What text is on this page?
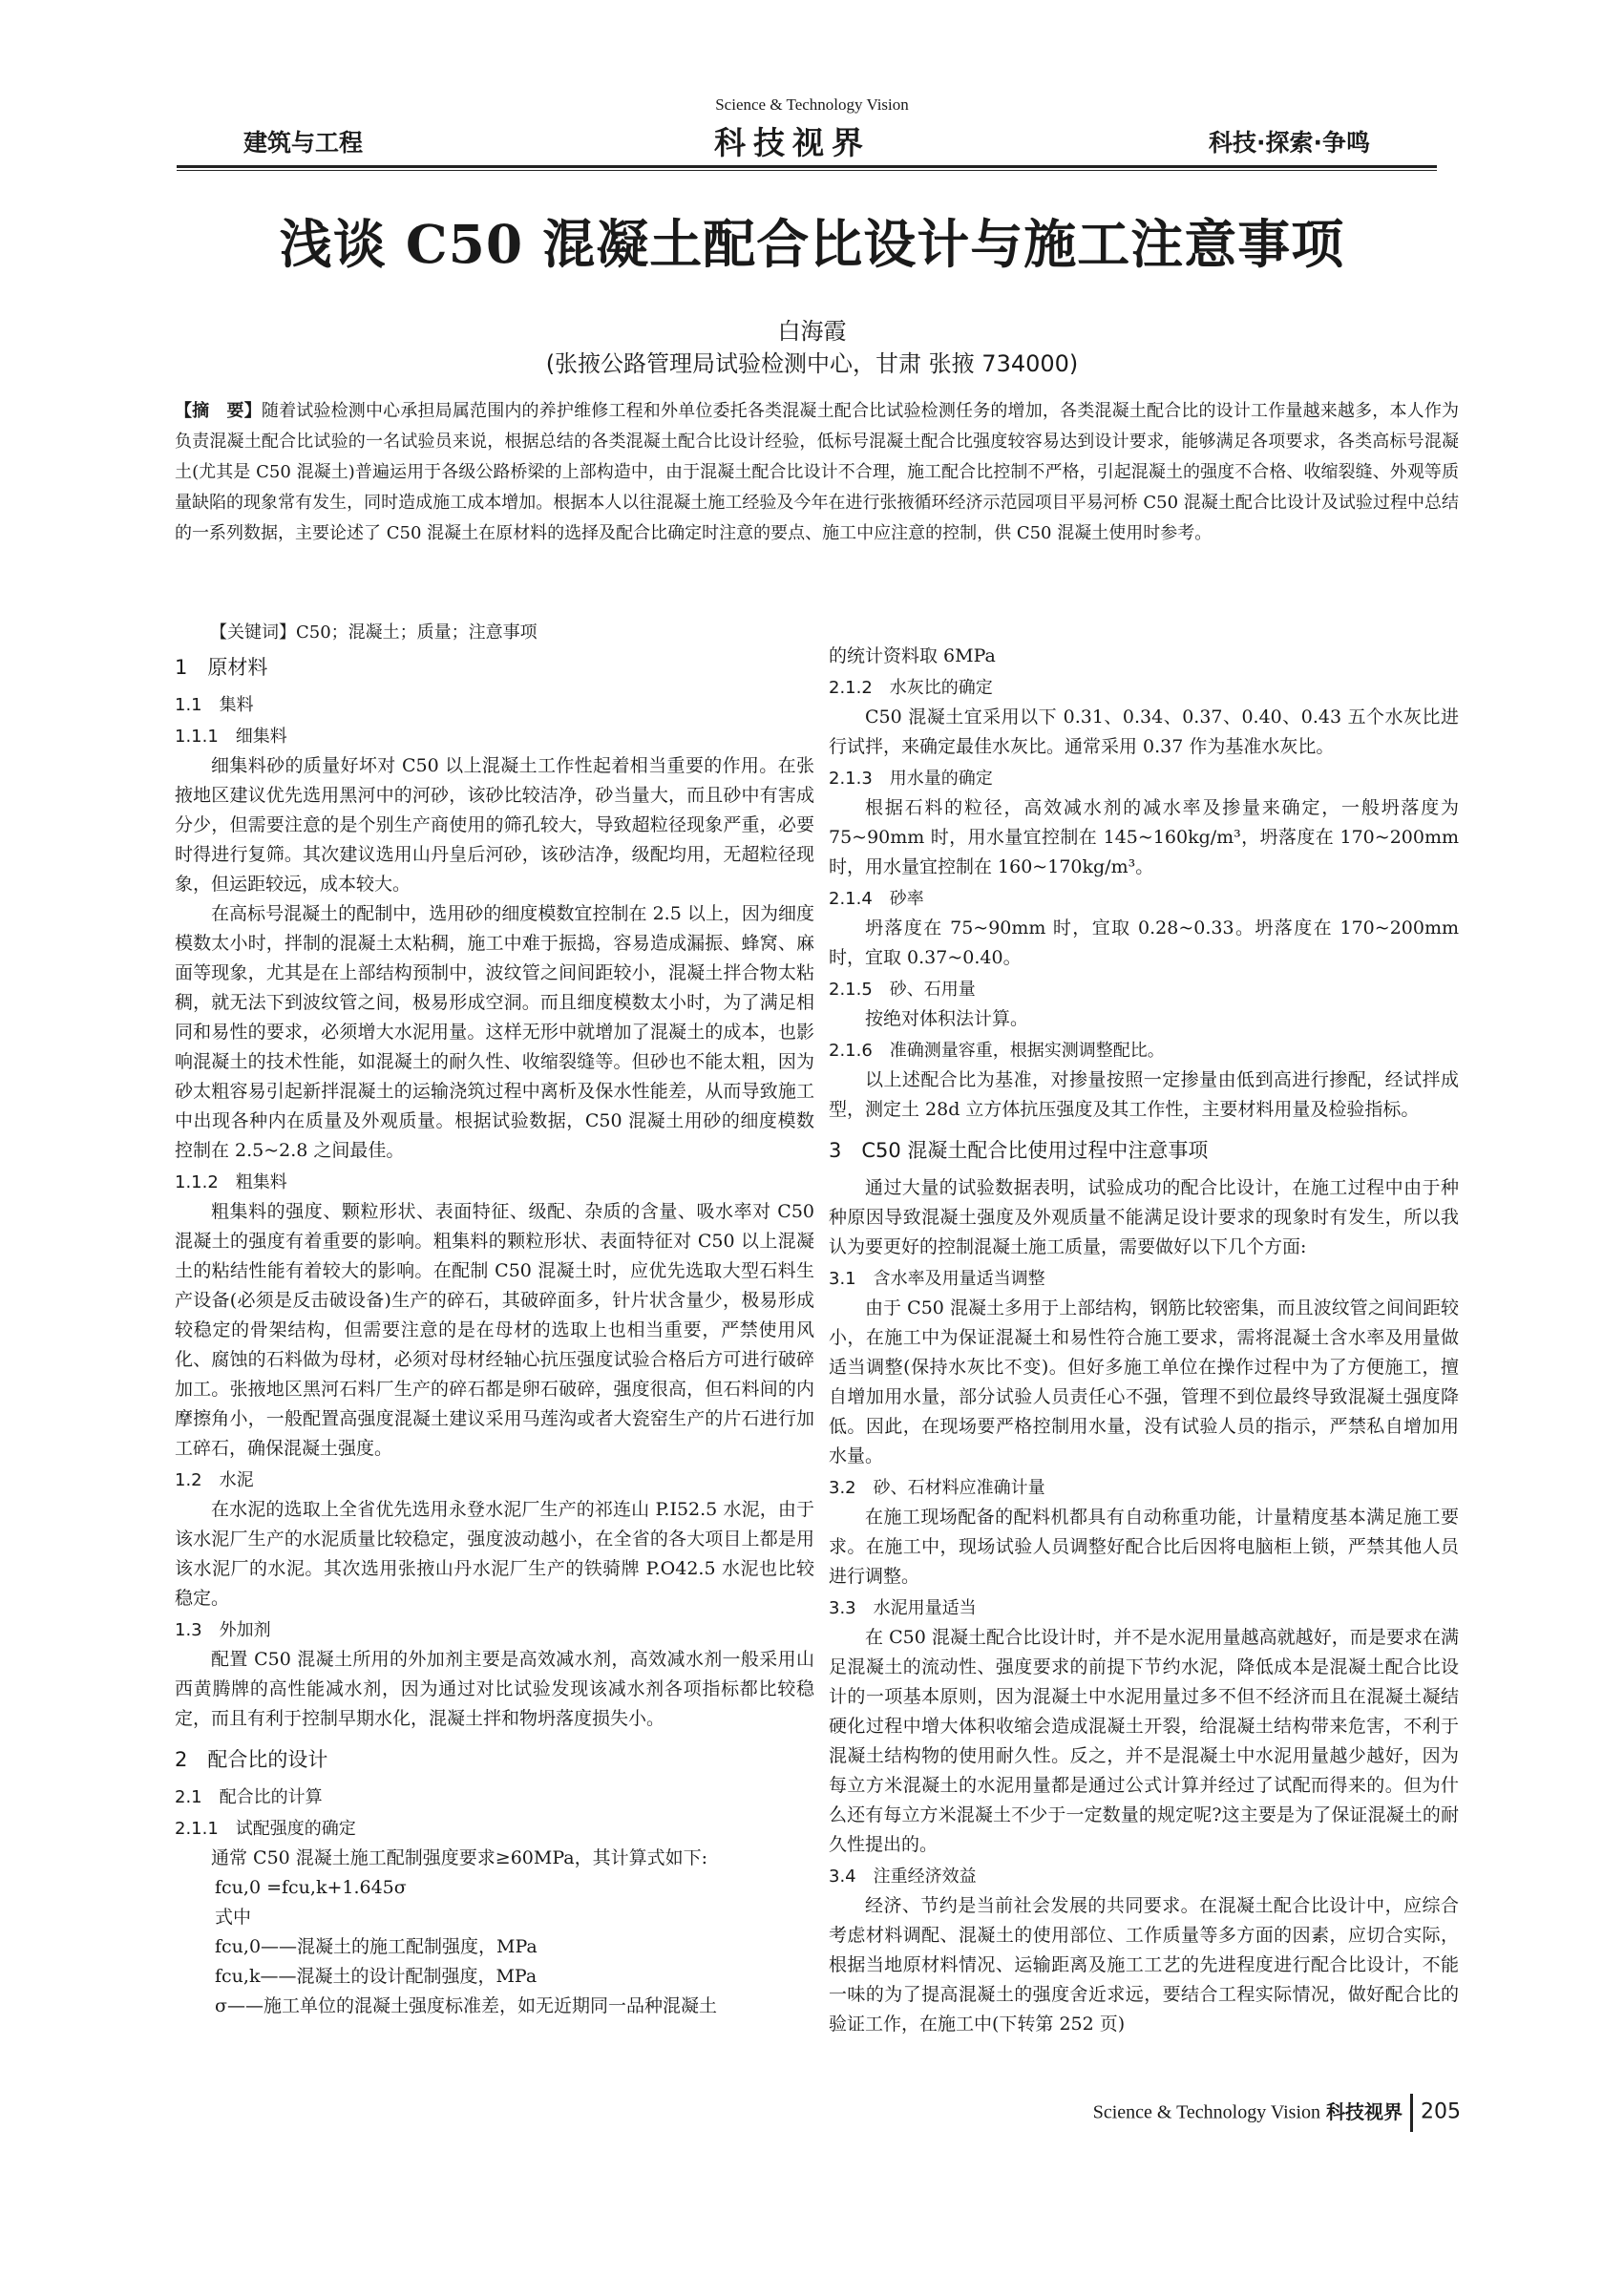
Science & Technology Vision
建筑与工程	科技视界	科技·探索·争鸣
浅谈 C50 混凝土配合比设计与施工注意事项
白海霞
(张掖公路管理局试验检测中心，甘肃 张掖 734000)
【摘　要】随着试验检测中心承担局属范围内的养护维修工程和外单位委托各类混凝土配合比试验检测任务的增加，各类混凝土配合比的设计工作量越来越多，本人作为负责混凝土配合比试验的一名试验员来说，根据总结的各类混凝土配合比设计经验，低标号混凝土配合比强度较容易达到设计要求，能够满足各项要求，各类高标号混凝土(尤其是 C50 混凝土)普遍运用于各级公路桥梁的上部构造中，由于混凝土配合比设计不合理，施工配合比控制不严格，引起混凝土的强度不合格、收缩裂缝、外观等质量缺陷的现象常有发生，同时造成施工成本增加。根据本人以往混凝土施工经验及今年在进行张掖循环经济示范园项目平易河桥 C50 混凝土配合比设计及试验过程中总结的一系列数据，主要论述了 C50 混凝土在原材料的选择及配合比确定时注意的要点、施工中应注意的控制，供 C50 混凝土使用时参考。
【关键词】C50；混凝土；质量；注意事项
1　原材料
1.1　集料
1.1.1　细集料

细集料砂的质量好坏对 C50 以上混凝土工作性起着相当重要的作用。在张掖地区建议优先选用黑河中的河砂，该砂比较洁净，砂当量大，而且砂中有害成分少，但需要注意的是个别生产商使用的筛孔较大，导致超粒径现象严重，必要时得进行复筛。其次建议选用山丹皇后河砂，该砂洁净，级配均用，无超粒径现象，但运距较远，成本较大。

在高标号混凝土的配制中，选用砂的细度模数宜控制在 2.5 以上，因为细度模数太小时，拌制的混凝土太粘稠，施工中难于振捣，容易造成漏振、蜂窝、麻面等现象，尤其是在上部结构预制中，波纹管之间间距较小，混凝土拌合物太粘稠，就无法下到波纹管之间，极易形成空洞。而且细度模数太小时，为了满足相同和易性的要求，必须增大水泥用量。这样无形中就增加了混凝土的成本，也影响混凝土的技术性能，如混凝土的耐久性、收缩裂缝等。但砂也不能太粗，因为砂太粗容易引起新拌混凝土的运输浇筑过程中离析及保水性能差，从而导致施工中出现各种内在质量及外观质量。根据试验数据，C50 混凝土用砂的细度模数控制在 2.5~2.8 之间最佳。

1.1.2　粗集料

粗集料的强度、颗粒形状、表面特征、级配、杂质的含量、吸水率对 C50 混凝土的强度有着重要的影响。粗集料的颗粒形状、表面特征对 C50 以上混凝土的粘结性能有着较大的影响。在配制 C50 混凝土时，应优先选取大型石料生产设备(必须是反击破设备)生产的碎石，其破碎面多，针片状含量少，极易形成较稳定的骨架结构，但需要注意的是在母材的选取上也相当重要，严禁使用风化、腐蚀的石料做为母材，必须对母材经轴心抗压强度试验合格后方可进行破碎加工。张掖地区黑河石料厂生产的碎石都是卵石破碎，强度很高，但石料间的内摩擦角小，一般配置高强度混凝土建议采用马莲沟或者大瓷窑生产的片石进行加工碎石，确保混凝土强度。

1.2　水泥

在水泥的选取上全省优先选用永登水泥厂生产的祁连山 P.I52.5 水泥，由于该水泥厂生产的水泥质量比较稳定，强度波动越小，在全省的各大项目上都是用该水泥厂的水泥。其次选用张掖山丹水泥厂生产的铁骑牌 P.O42.5 水泥也比较稳定。

1.3　外加剂

配置 C50 混凝土所用的外加剂主要是高效减水剂，高效减水剂一般采用山西黄腾牌的高性能减水剂，因为通过对比试验发现该减水剂各项指标都比较稳定，而且有利于控制早期水化，混凝土拌和物坍落度损失小。

2　配合比的设计
2.1　配合比的计算
2.1.1　试配强度的确定

通常 C50 混凝土施工配制强度要求≥60MPa，其计算式如下:

fcu,0 =fcu,k+1.645σ

式中

fcu,0——混凝土的施工配制强度，MPa

fcu,k——混凝土的设计配制强度，MPa

σ——施工单位的混凝土强度标准差，如无近期同一品种混凝土

的统计资料取 6MPa

2.1.2　水灰比的确定

C50 混凝土宜采用以下 0.31、0.34、0.37、0.40、0.43 五个水灰比进行试拌，来确定最佳水灰比。通常采用 0.37 作为基准水灰比。

2.1.3　用水量的确定

根据石料的粒径，高效减水剂的减水率及掺量来确定，一般坍落度为 75~90mm 时，用水量宜控制在 145~160kg/m³，坍落度在 170~200mm 时，用水量宜控制在 160~170kg/m³。

2.1.4　砂率

坍落度在 75~90mm 时，宜取 0.28~0.33。坍落度在 170~200mm 时，宜取 0.37~0.40。

2.1.5　砂、石用量

按绝对体积法计算。

2.1.6　准确测量容重，根据实测调整配比。

以上述配合比为基准，对掺量按照一定掺量由低到高进行掺配，经试拌成型，测定土 28d 立方体抗压强度及其工作性，主要材料用量及检验指标。

3　C50 混凝土配合比使用过程中注意事项

通过大量的试验数据表明，试验成功的配合比设计，在施工过程中由于种种原因导致混凝土强度及外观质量不能满足设计要求的现象时有发生，所以我认为要更好的控制混凝土施工质量，需要做好以下几个方面:

3.1　含水率及用量适当调整

由于 C50 混凝土多用于上部结构，钢筋比较密集，而且波纹管之间间距较小，在施工中为保证混凝土和易性符合施工要求，需将混凝土含水率及用量做适当调整(保持水灰比不变)。但好多施工单位在操作过程中为了方便施工，擅自增加用水量，部分试验人员责任心不强，管理不到位最终导致混凝土强度降低。因此，在现场要严格控制用水量，没有试验人员的指示，严禁私自增加用水量。

3.2　砂、石材料应准确计量

在施工现场配备的配料机都具有自动称重功能，计量精度基本满足施工要求。在施工中，现场试验人员调整好配合比后因将电脑柜上锁，严禁其他人员进行调整。

3.3　水泥用量适当

在 C50 混凝土配合比设计时，并不是水泥用量越高就越好，而是要求在满足混凝土的流动性、强度要求的前提下节约水泥，降低成本是混凝土配合比设计的一项基本原则，因为混凝土中水泥用量过多不但不经济而且在混凝土凝结硬化过程中增大体积收缩会造成混凝土开裂，给混凝土结构带来危害，不利于混凝土结构物的使用耐久性。反之，并不是混凝土中水泥用量越少越好，因为每立方米混凝土的水泥用量都是通过公式计算并经过了试配而得来的。但为什么还有每立方米混凝土不少于一定数量的规定呢?这主要是为了保证混凝土的耐久性提出的。

3.4　注重经济效益

经济、节约是当前社会发展的共同要求。在混凝土配合比设计中，应综合考虑材料调配、混凝土的使用部位、工作质量等多方面的因素，应切合实际，根据当地原材料情况、运输距离及施工工艺的先进程度进行配合比设计，不能一味的为了提高混凝土的强度舍近求远，要结合工程实际情况，做好配合比的验证工作，在施工中(下转第 252 页)

Science & Technology Vision 科技视界 205
